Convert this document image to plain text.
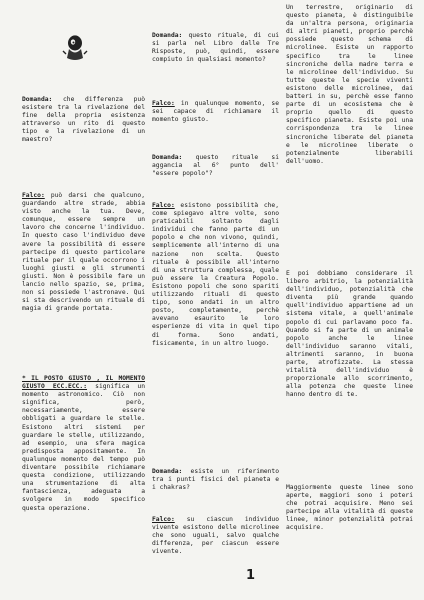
Domanda: che differenza può esistere tra la rivelazione del fine della propria esistenza attraverso un rito di questo tipo e la rivelazione di un maestro?

Falco: può darsi che qualcuno, guardando altre strade, abbia visto anche la tua. Deve, comunque, essere sempre un lavoro che concerne l'individuo. In questo caso l'individuo deve avere la possibilità di essere partecipe di questo particolare rituale per il quale occorrono i luoghi giusti e gli strumenti giusti. Non è possibile fare un lancio nello spazio, se, prima, non si possiede l'astronave. Qui si sta descrivendo un rituale di magia di grande portata.

* IL POSTO GIUSTO , IL MOMENTO GIUSTO ECC.ECC.: significa un momento astronomico. Ciò non significa, però, necessariamente, essere obbligati a guardare le stelle. Esistono altri sistemi per guardare le stelle, utilizzando, ad esempio, una sfera magica predisposta appositamente. In qualunque momento del tempo può diventare possibile richiamare questa condizione, utilizzando una strumentazione di alta fantascienza, adeguata a svolgere in modo specifico questa operazione.

Domanda: questo rituale, di cui si parla nel Libro dalle Tre Risposte, può, quindi, essere compiuto in qualsiasi momento?

Falco: in qualunque momento, se sei capace di richiamare il momento giusto.

Domanda: questo rituale si aggancia al 6° punto dell' "essere popolo"?

Falco: esistono possibilità che, come spiegavo altre volte, sono praticabili soltanto dagli individui che fanno parte di un popolo e che non vivono, quindi, semplicemente all'interno di una nazione non scelta. Questo rituale è possibile all'interno di una struttura complessa, quale può essere la Creatura Popolo. Esistono popoli che sono spariti utilizzando rituali di questo tipo, sono andati in un altro posto, completamente, perchè avevano esaurito le loro esperienze di vita in quel tipo di forma. Sono andati, fisicamente, in un altro luogo.

Domanda: esiste un riferimento tra i punti fisici del pianeta e i chakras?

Falco: su ciascun individuo vivente esistono delle microlinee che sono uguali, salvo qualche differenza, per ciascun essere vivente.

Un terrestre, originario di questo pianeta, è distinguibile da un'altra persona, originaria di altri pianeti, proprio perchè possiede questo schema di microlinee. Esiste un rapporto specifico tra le linee sincroniche della madre terra e le microlinee dell'individuo. Su tutte queste le specie viventi esistono delle microlinee, dai batteri in su, perchè esse fanno parte di un ecosistema che è proprio quello di questo specifico pianeta. Esiste poi una corrispondenza tra le linee sincroniche liberate del pianeta e le microlinee liberate o potenzialmente liberabili dell'uomo.

E poi dobbiamo considerare il libero arbitrio, la potenzialità dell'individuo, potenzialità che diventa più grande quando quell'individuo appartiene ad un sistema vitale, a quell'animale popolo di cui parlavamo poco fa. Quando si fa parte di un animale popolo anche le linee dell'individuo saranno vitali, altrimenti saranno, in buona parte, atrofizzate. La stessa vitalità dell'individuo è proporzionale allo scorrimento, alla potenza che queste linee hanno dentro di te.

Maggiormente queste linee sono aperte, maggiori sono i poteri che potrai acquisire. Meno sei partecipe alla vitalità di queste linee, minor potenzialità potrai acquisire.

1
